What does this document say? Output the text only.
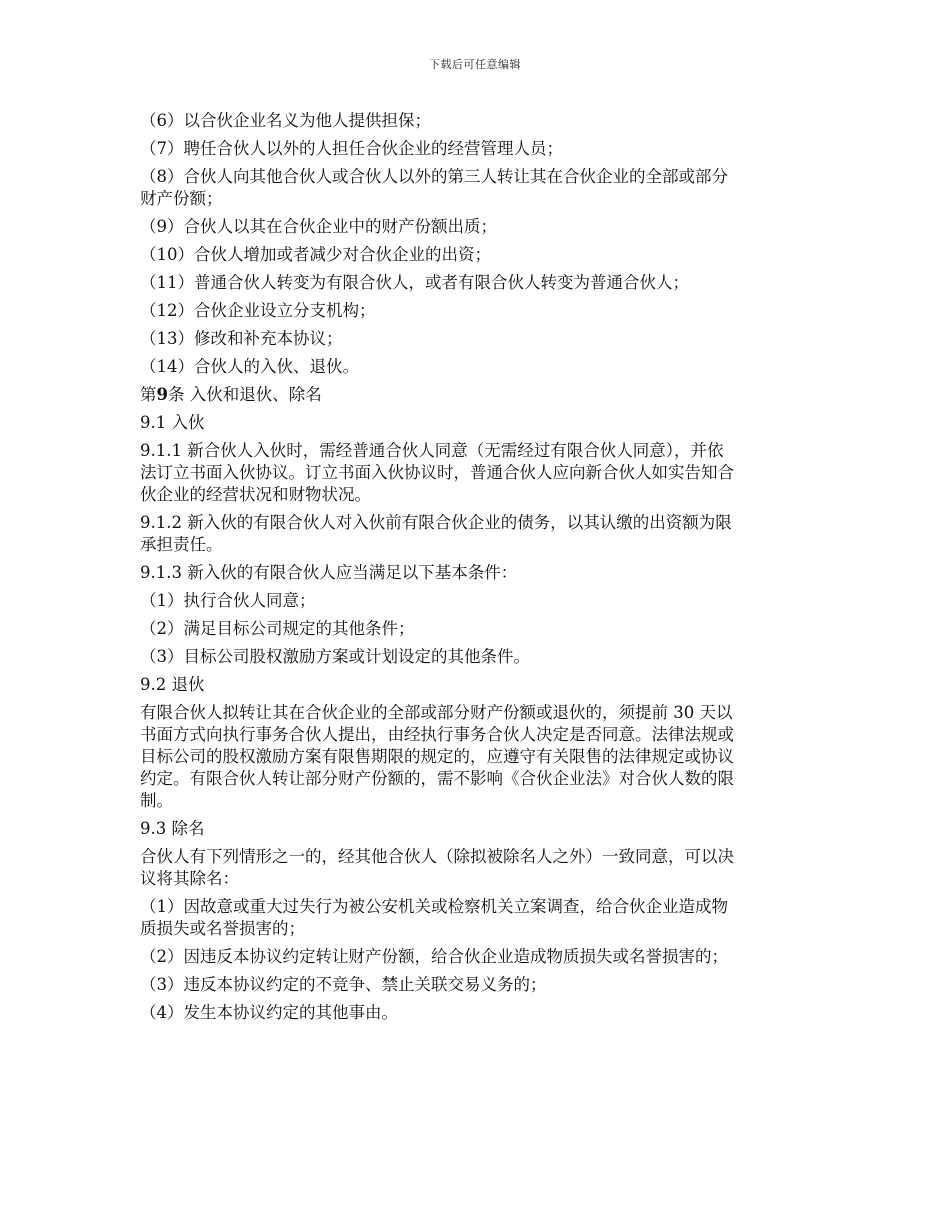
下载后可任意编辑
（6）以合伙企业名义为他人提供担保；
（7）聘任合伙人以外的人担任合伙企业的经营管理人员；
（8）合伙人向其他合伙人或合伙人以外的第三人转让其在合伙企业的全部或部分
财产份额；
（9）合伙人以其在合伙企业中的财产份额出质；
（10）合伙人增加或者减少对合伙企业的出资；
（11）普通合伙人转变为有限合伙人，或者有限合伙人转变为普通合伙人；
（12）合伙企业设立分支机构；
（13）修改和补充本协议；
（14）合伙人的入伙、退伙。
第9条 入伙和退伙、除名
9.1 入伙
9.1.1 新合伙人入伙时，需经普通合伙人同意（无需经过有限合伙人同意），并依
法订立书面入伙协议。订立书面入伙协议时，普通合伙人应向新合伙人如实告知合
伙企业的经营状况和财物状况。
9.1.2 新入伙的有限合伙人对入伙前有限合伙企业的债务，以其认缴的出资额为限
承担责任。
9.1.3 新入伙的有限合伙人应当满足以下基本条件：
（1）执行合伙人同意；
（2）满足目标公司规定的其他条件；
（3）目标公司股权激励方案或计划设定的其他条件。
9.2 退伙
有限合伙人拟转让其在合伙企业的全部或部分财产份额或退伙的，须提前 30 天以
书面方式向执行事务合伙人提出，由经执行事务合伙人决定是否同意。法律法规或
目标公司的股权激励方案有限售期限的规定的，应遵守有关限售的法律规定或协议
约定。有限合伙人转让部分财产份额的，需不影响《合伙企业法》对合伙人数的限
制。
9.3 除名
合伙人有下列情形之一的，经其他合伙人（除拟被除名人之外）一致同意，可以决
议将其除名：
（1）因故意或重大过失行为被公安机关或检察机关立案调查，给合伙企业造成物
质损失或名誉损害的；
（2）因违反本协议约定转让财产份额，给合伙企业造成物质损失或名誉损害的；
（3）违反本协议约定的不竞争、禁止关联交易义务的；
（4）发生本协议约定的其他事由。
